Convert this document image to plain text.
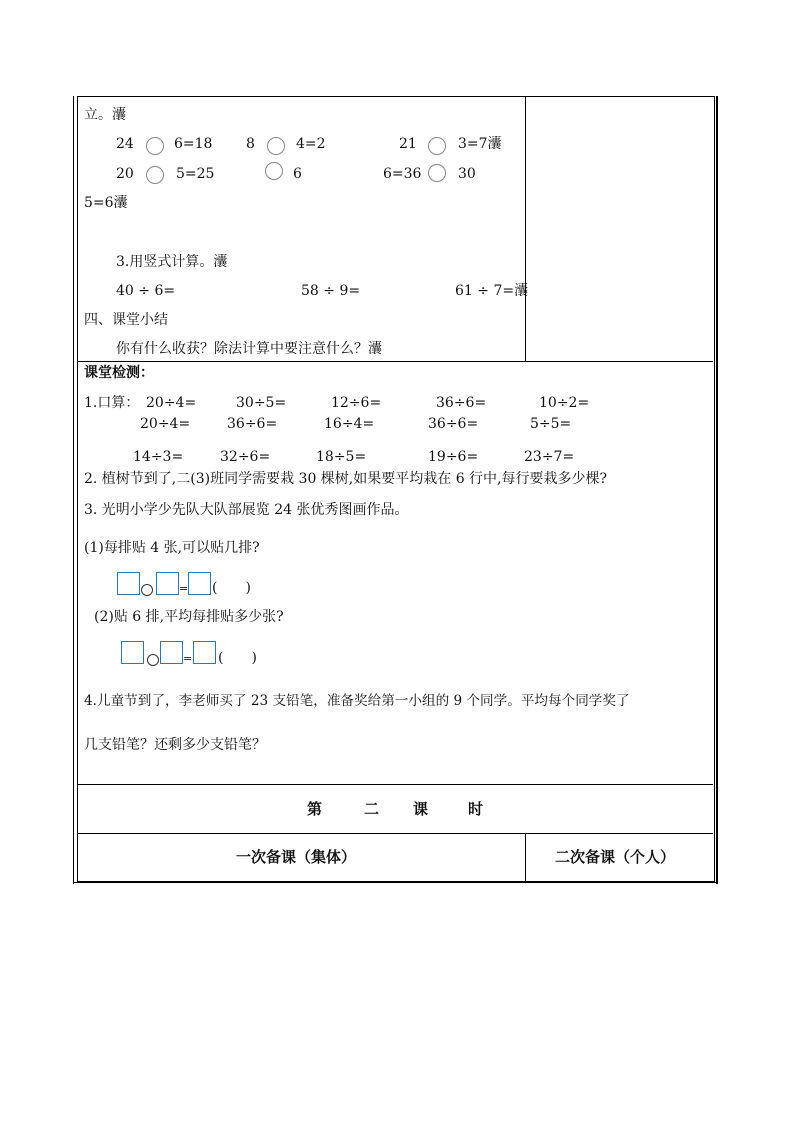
立。灢
24	6=18 8	4=2	21	3=7灢
20	5=25	6	6=36	30
5=6灢
3.用竖式计算。灢
40 ÷ 6=	58 ÷ 9=	61 ÷ 7=灢
四、课堂小结
你有什么收获？除法计算中要注意什么？灢
课堂检测：
1.口算： 20÷4=	30÷5=	12÷6=	36÷6=	10÷2=
20÷4=	36÷6=	16÷4=	36÷6=	5÷5=
14÷3=	32÷6=	18÷5=	19÷6=	23÷7=
2. 植树节到了,二(3)班同学需要栽 30 棵树,如果要平均栽在 6 行中,每行要栽多少棵?
3. 光明小学少先队大队部展览 24 张优秀图画作品。
(1)每排贴 4 张,可以贴几排?
= (　　)
(2)贴 6 排,平均每排贴多少张?
= (　　)
4.儿童节到了，李老师买了 23 支铅笔，准备奖给第一小组的 9 个同学。平均每个同学奖了
几支铅笔？还剩多少支铅笔？
第	二 课	时
一次备课（集体）	二次备课（个人）
